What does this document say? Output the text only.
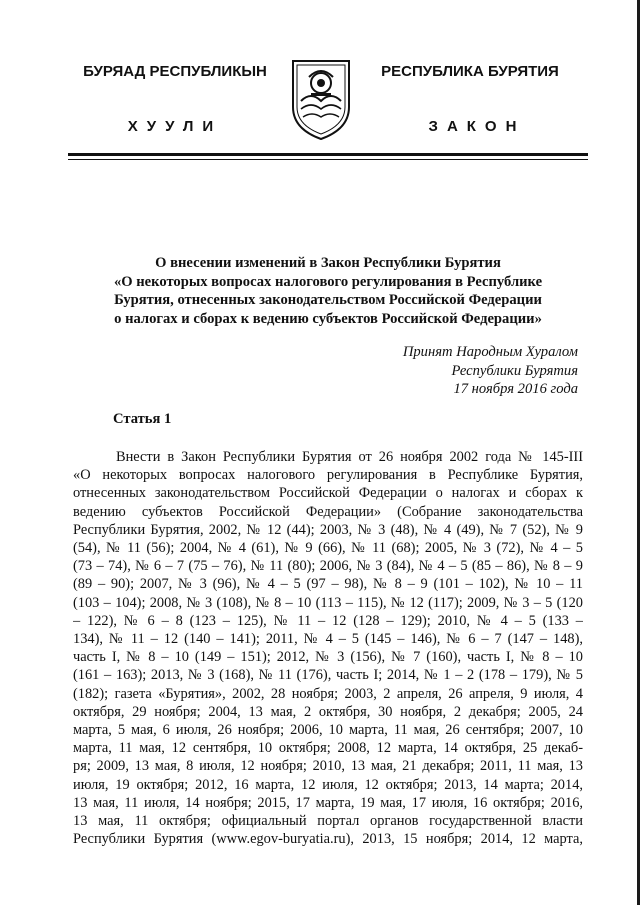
БУРЯАД РЕСПУБЛИКЫН	РЕСПУБЛИКА БУРЯТИЯ
ХУУЛИ	ЗАКОН
О внесении изменений в Закон Республики Бурятия
«О некоторых вопросах налогового регулирования в Республике
Бурятия, отнесенных законодательством Российской Федерации
о налогах и сборах к ведению субъектов Российской Федерации»
Принят Народным Хуралом
Республики Бурятия
17 ноября 2016 года
Статья 1
Внести в Закон Республики Бурятия от 26 ноября 2002 года № 145-III
«О некоторых вопросах налогового регулирования в Республике Бурятия,
отнесенных законодательством Российской Федерации о налогах и сборах к
ведению субъектов Российской Федерации» (Собрание законодательства
Республики Бурятия, 2002, № 12 (44); 2003, № 3 (48), № 4 (49), № 7 (52), № 9
(54), № 11 (56); 2004, № 4 (61), № 9 (66), № 11 (68); 2005, № 3 (72), № 4 – 5
(73 – 74), № 6 – 7 (75 – 76), № 11 (80); 2006, № 3 (84), № 4 – 5 (85 – 86), № 8 – 9
(89 – 90); 2007, № 3 (96), № 4 – 5 (97 – 98), № 8 – 9 (101 – 102), № 10 – 11
(103 – 104); 2008, № 3 (108), № 8 – 10 (113 – 115), № 12 (117); 2009, № 3 – 5 (120
– 122), № 6 – 8 (123 – 125), № 11 – 12 (128 – 129); 2010, № 4 – 5 (133 –
134), № 11 – 12 (140 – 141); 2011, № 4 – 5 (145 – 146), № 6 – 7 (147 – 148),
часть I, № 8 – 10 (149 – 151); 2012, № 3 (156), № 7 (160), часть I, № 8 – 10
(161 – 163); 2013, № 3 (168), № 11 (176), часть I; 2014, № 1 – 2 (178 – 179), № 5
(182); газета «Бурятия», 2002, 28 ноября; 2003, 2 апреля, 26 апреля, 9 июля, 4
октября, 29 ноября; 2004, 13 мая, 2 октября, 30 ноября, 2 декабря; 2005, 24
марта, 5 мая, 6 июля, 26 ноября; 2006, 10 марта, 11 мая, 26 сентября; 2007, 10
марта, 11 мая, 12 сентября, 10 октября; 2008, 12 марта, 14 октября, 25 декаб-
ря; 2009, 13 мая, 8 июля, 12 ноября; 2010, 13 мая, 21 декабря; 2011, 11 мая, 13
июля, 19 октября; 2012, 16 марта, 12 июля, 12 октября; 2013, 14 марта; 2014,
13 мая, 11 июля, 14 ноября; 2015, 17 марта, 19 мая, 17 июля, 16 октября; 2016,
13 мая, 11 октября; официальный портал органов государственной власти
Республики Бурятия (www.egov-buryatia.ru), 2013, 15 ноября; 2014, 12 марта,
